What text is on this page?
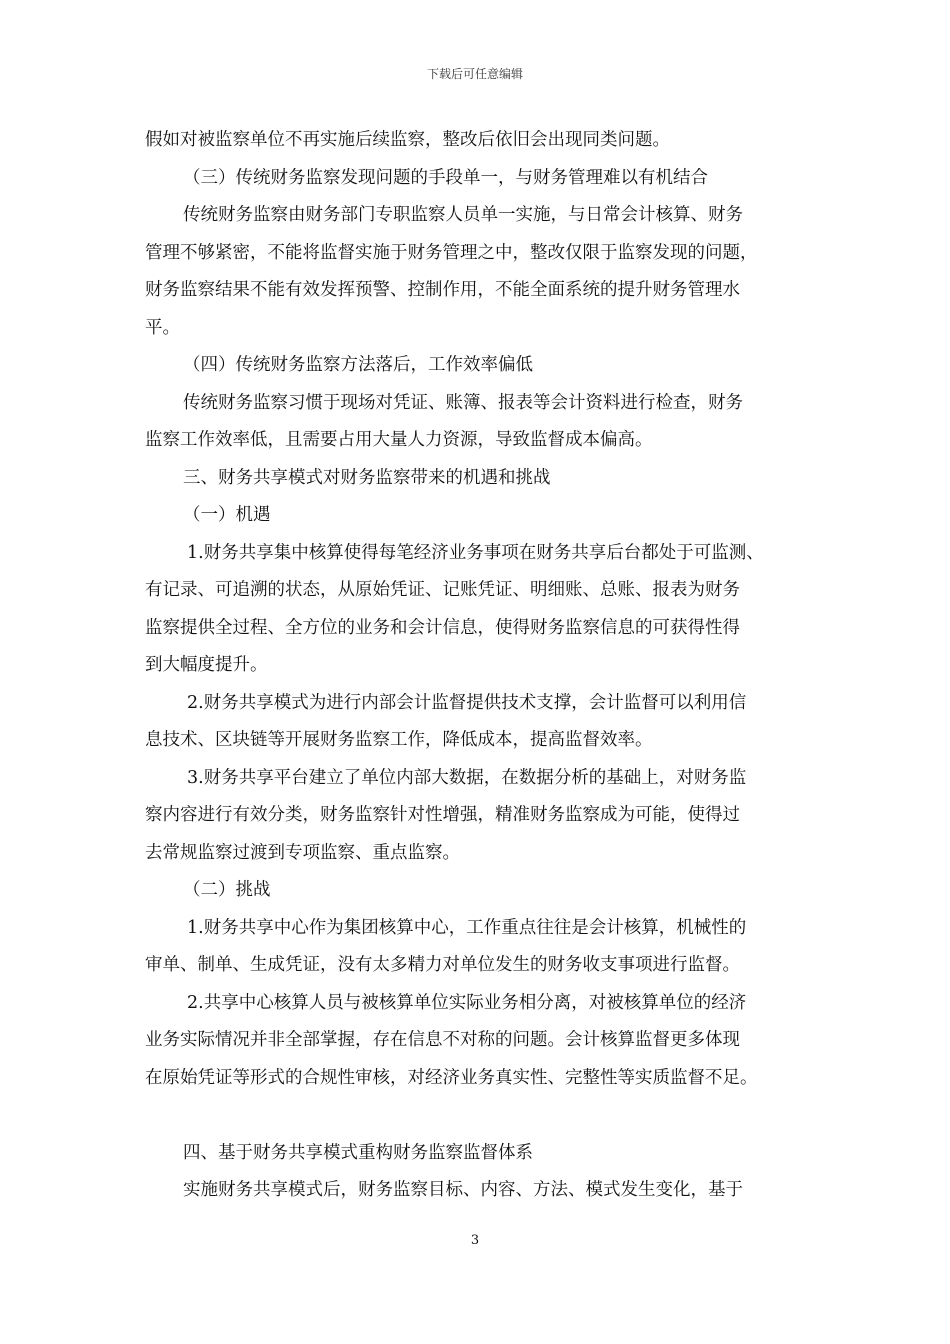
下载后可任意编辑
假如对被监察单位不再实施后续监察，整改后依旧会出现同类问题。
（三）传统财务监察发现问题的手段单一，与财务管理难以有机结合
传统财务监察由财务部门专职监察人员单一实施，与日常会计核算、财务
管理不够紧密，不能将监督实施于财务管理之中，整改仅限于监察发现的问题，
财务监察结果不能有效发挥预警、控制作用，不能全面系统的提升财务管理水
平。
（四）传统财务监察方法落后，工作效率偏低
传统财务监察习惯于现场对凭证、账簿、报表等会计资料进行检查，财务
监察工作效率低，且需要占用大量人力资源，导致监督成本偏高。
三、财务共享模式对财务监察带来的机遇和挑战
（一）机遇
1.财务共享集中核算使得每笔经济业务事项在财务共享后台都处于可监测、
有记录、可追溯的状态，从原始凭证、记账凭证、明细账、总账、报表为财务
监察提供全过程、全方位的业务和会计信息，使得财务监察信息的可获得性得
到大幅度提升。
2.财务共享模式为进行内部会计监督提供技术支撑，会计监督可以利用信
息技术、区块链等开展财务监察工作，降低成本，提高监督效率。
3.财务共享平台建立了单位内部大数据，在数据分析的基础上，对财务监
察内容进行有效分类，财务监察针对性增强，精准财务监察成为可能，使得过
去常规监察过渡到专项监察、重点监察。
（二）挑战
1.财务共享中心作为集团核算中心，工作重点往往是会计核算，机械性的
审单、制单、生成凭证，没有太多精力对单位发生的财务收支事项进行监督。
2.共享中心核算人员与被核算单位实际业务相分离，对被核算单位的经济
业务实际情况并非全部掌握，存在信息不对称的问题。会计核算监督更多体现
在原始凭证等形式的合规性审核，对经济业务真实性、完整性等实质监督不足。
四、基于财务共享模式重构财务监察监督体系
实施财务共享模式后，财务监察目标、内容、方法、模式发生变化，基于
3
